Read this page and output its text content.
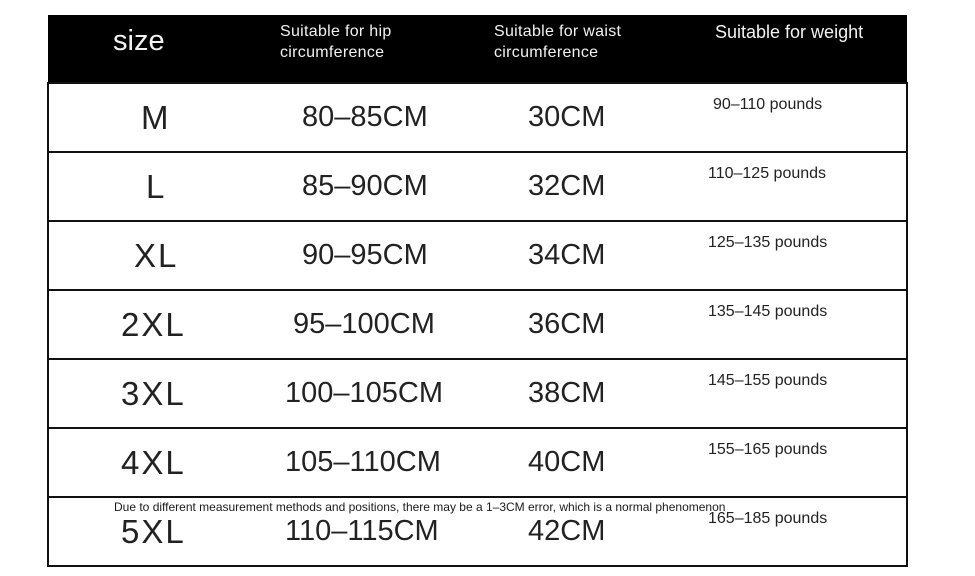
size	Suitable for hip circumference	Suitable for waist circumference	Suitable for weight
M	80–85CM	30CM	90–110 pounds
L	85–90CM	32CM	110–125 pounds
XL	90–95CM	34CM	125–135 pounds
2XL	95–100CM	36CM	135–145 pounds
3XL	100–105CM	38CM	145–155 pounds
4XL	105–110CM	40CM	155–165 pounds
5XL	110–115CM	42CM	165–185 pounds
Due to different measurement methods and positions, there may be a 1–3CM error, which is a normal phenomenon
